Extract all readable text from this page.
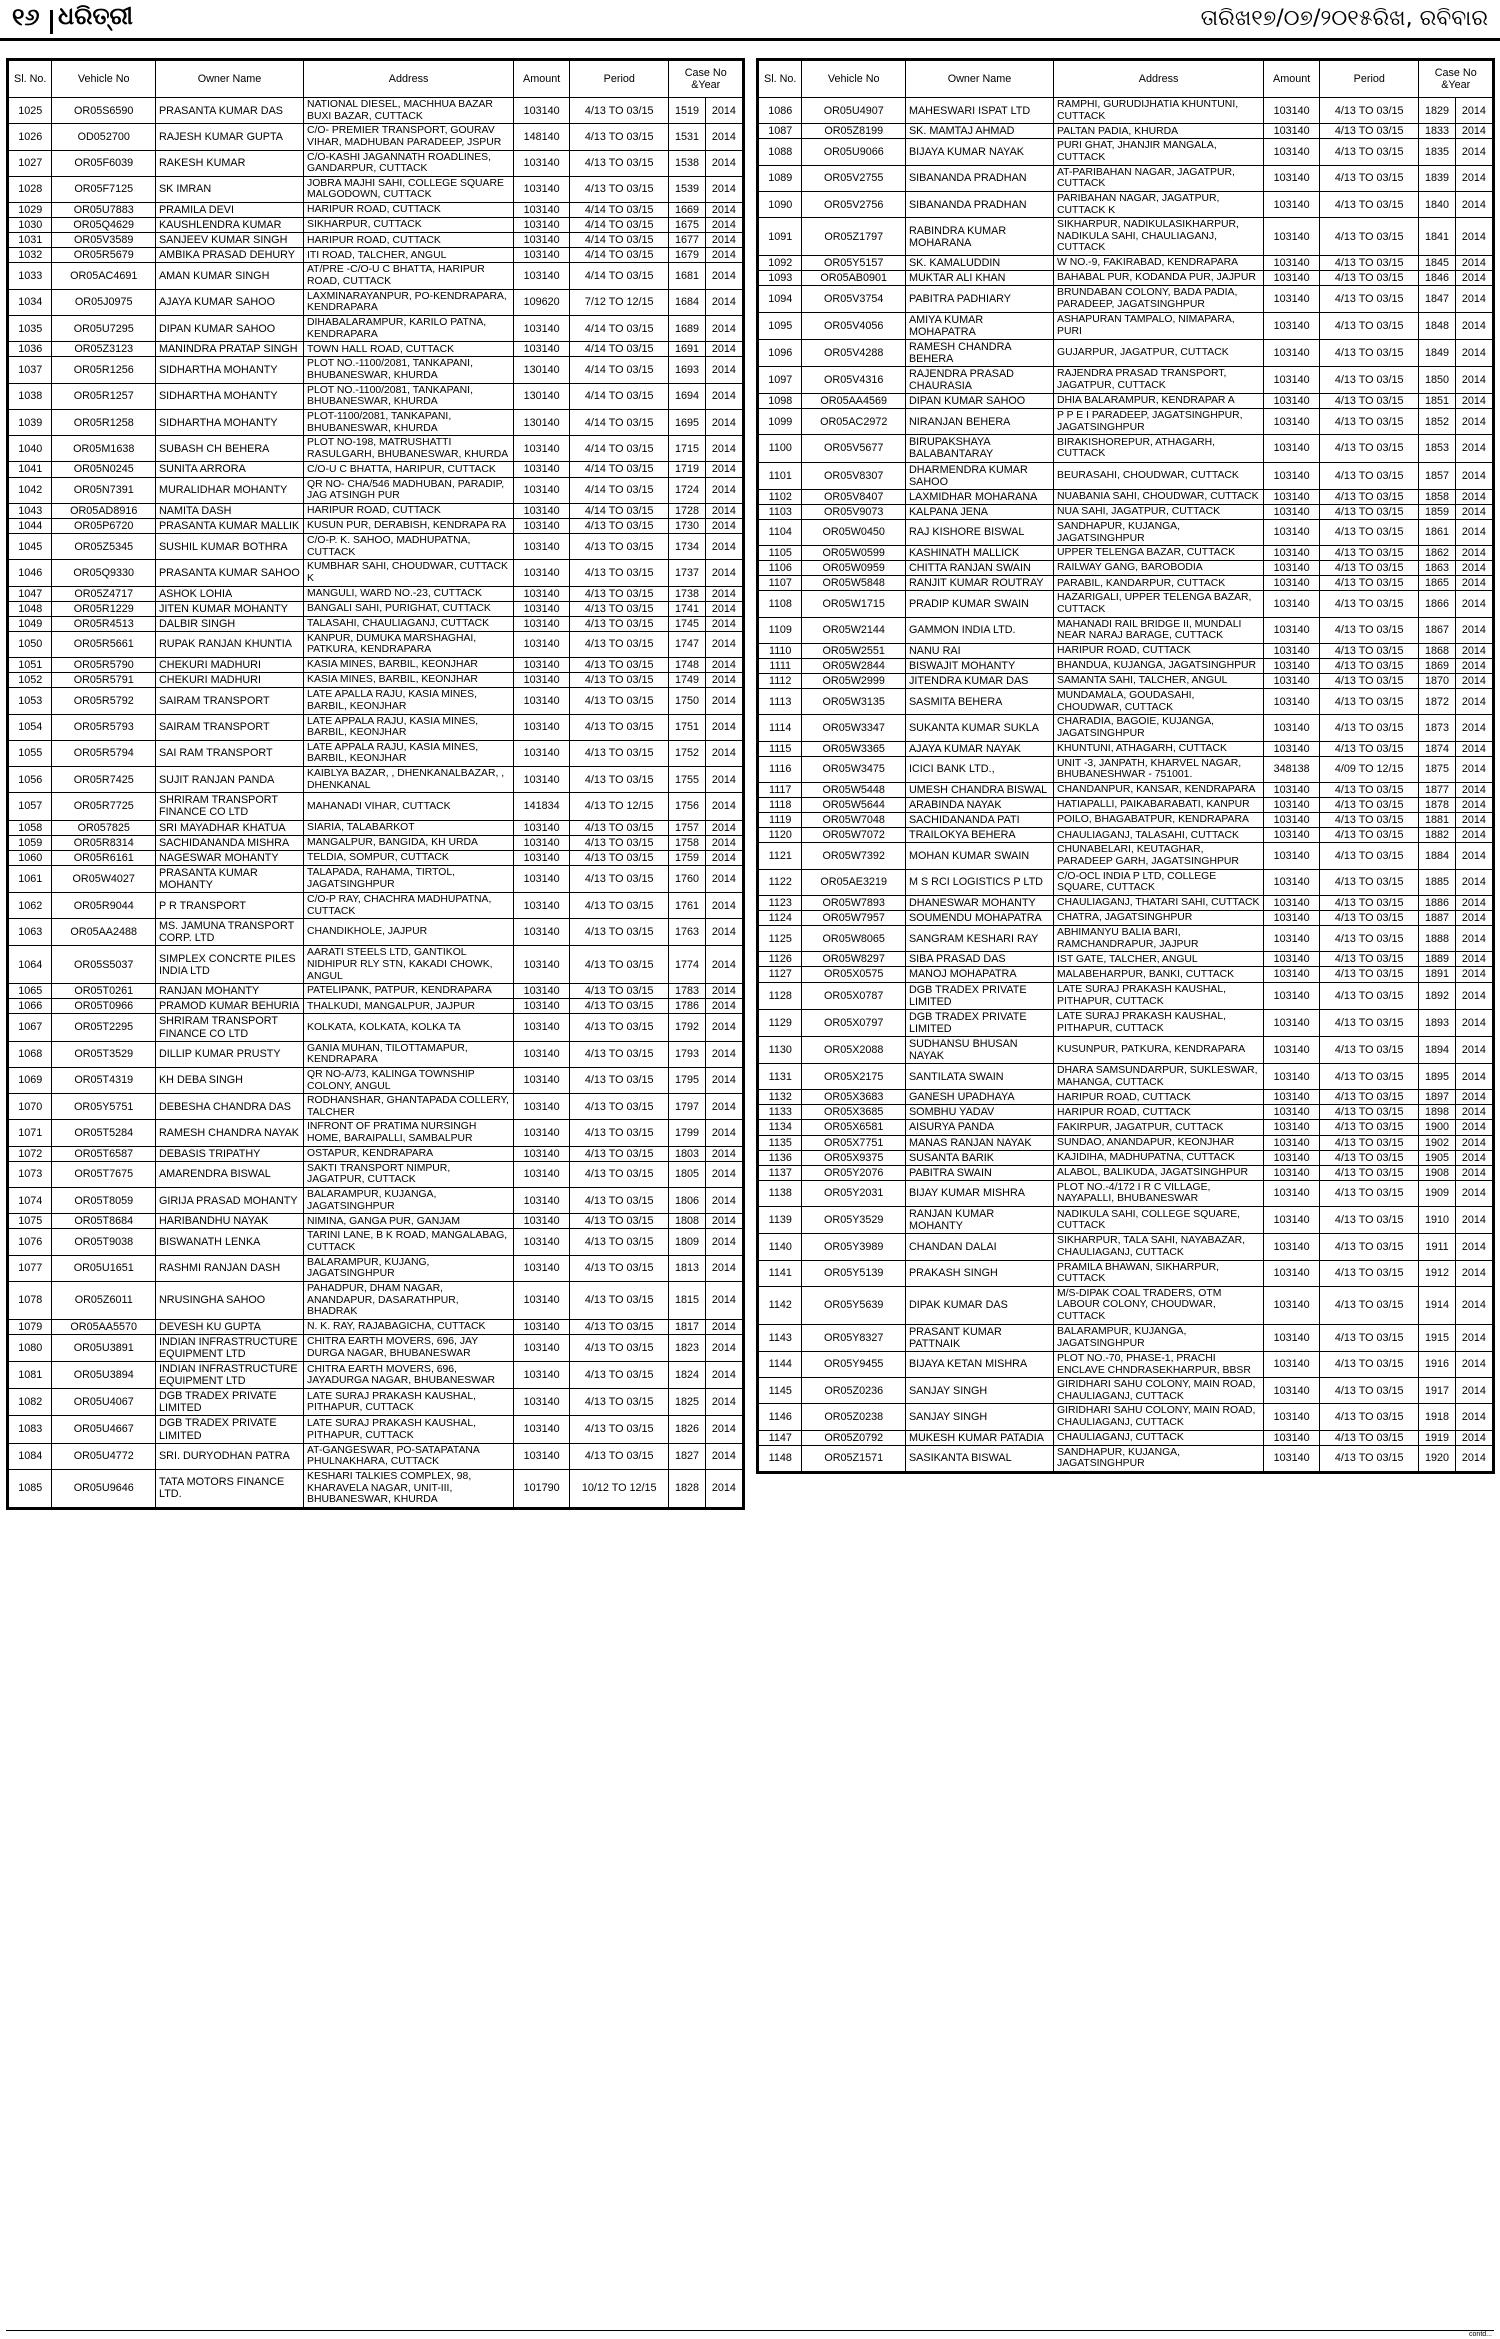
୧୬ ଧରିତ୍ରୀ	ତାରିଖ୧୭/୦୭/୨୦୧୫ରିଖ, ରବିବାର
Sl. No.	Vehicle No	Owner Name	Address	Amount	Period	Case No &Year	
1025	OR05S6590	PRASANTA KUMAR DAS	NATIONAL DIESEL, MACHHUA BAZAR BUXI BAZAR, CUTTACK	103140	4/13 TO 03/15	1519	2014
1026	OD052700	RAJESH KUMAR GUPTA	C/O- PREMIER TRANSPORT, GOURAV VIHAR, MADHUBAN PARADEEP, JSPUR	148140	4/13 TO 03/15	1531	2014
1027	OR05F6039	RAKESH KUMAR	C/O-KASHI JAGANNATH ROADLINES, GANDARPUR, CUTTACK	103140	4/13 TO 03/15	1538	2014
1028	OR05F7125	SK IMRAN	JOBRA MAJHI SAHI, COLLEGE SQUARE MALGODOWN, CUTTACK	103140	4/13 TO 03/15	1539	2014
1029	OR05U7883	PRAMILA DEVI	HARIPUR ROAD, CUTTACK	103140	4/14 TO 03/15	1669	2014
1030	OR05Q4629	KAUSHLENDRA KUMAR	SIKHARPUR, CUTTACK	103140	4/14 TO 03/15	1675	2014
1031	OR05V3589	SANJEEV KUMAR SINGH	HARIPUR ROAD, CUTTACK	103140	4/14 TO 03/15	1677	2014
1032	OR05R5679	AMBIKA PRASAD DEHURY	ITI ROAD, TALCHER, ANGUL	103140	4/14 TO 03/15	1679	2014
1033	OR05AC4691	AMAN KUMAR SINGH	AT/PRE -C/O-U C BHATTA, HARIPUR ROAD, CUTTACK	103140	4/14 TO 03/15	1681	2014
1034	OR05J0975	AJAYA KUMAR SAHOO	LAXMINARAYANPUR, PO-KENDRAPARA, KENDRAPARA	109620	7/12 TO 12/15	1684	2014
1035	OR05U7295	DIPAN KUMAR SAHOO	DIHABALARAMPUR, KARILO PATNA, KENDRAPARA	103140	4/14 TO 03/15	1689	2014
1036	OR05Z3123	MANINDRA PRATAP SINGH	TOWN HALL ROAD, CUTTACK	103140	4/14 TO 03/15	1691	2014
1037	OR05R1256	SIDHARTHA MOHANTY	PLOT NO.-1100/2081, TANKAPANI, BHUBANESWAR, KHURDA	130140	4/14 TO 03/15	1693	2014
1038	OR05R1257	SIDHARTHA MOHANTY	PLOT NO.-1100/2081, TANKAPANI, BHUBANESWAR, KHURDA	130140	4/14 TO 03/15	1694	2014
1039	OR05R1258	SIDHARTHA MOHANTY	PLOT-1100/2081, TANKAPANI, BHUBANESWAR, KHURDA	130140	4/14 TO 03/15	1695	2014
1040	OR05M1638	SUBASH CH BEHERA	PLOT NO-198, MATRUSHATTI RASULGARH, BHUBANESWAR, KHURDA	103140	4/14 TO 03/15	1715	2014
1041	OR05N0245	SUNITA ARRORA	C/O-U C BHATTA, HARIPUR, CUTTACK	103140	4/14 TO 03/15	1719	2014
1042	OR05N7391	MURALIDHAR MOHANTY	QR NO- CHA/546 MADHUBAN, PARADIP, JAG ATSINGH PUR	103140	4/14 TO 03/15	1724	2014
1043	OR05AD8916	NAMITA DASH	HARIPUR ROAD, CUTTACK	103140	4/14 TO 03/15	1728	2014
1044	OR05P6720	PRASANTA KUMAR MALLIK	KUSUN PUR, DERABISH, KENDRAPA RA	103140	4/13 TO 03/15	1730	2014
1045	OR05Z5345	SUSHIL KUMAR BOTHRA	C/O-P. K. SAHOO, MADHUPATNA, CUTTACK	103140	4/13 TO 03/15	1734	2014
1046	OR05Q9330	PRASANTA KUMAR SAHOO	KUMBHAR SAHI, CHOUDWAR, CUTTACK K	103140	4/13 TO 03/15	1737	2014
1047	OR05Z4717	ASHOK LOHIA	MANGULI, WARD NO.-23, CUTTACK	103140	4/13 TO 03/15	1738	2014
1048	OR05R1229	JITEN KUMAR MOHANTY	BANGALI SAHI, PURIGHAT, CUTTACK	103140	4/13 TO 03/15	1741	2014
1049	OR05R4513	DALBIR SINGH	TALASAHI, CHAULIAGANJ, CUTTACK	103140	4/13 TO 03/15	1745	2014
1050	OR05R5661	RUPAK RANJAN KHUNTIA	KANPUR, DUMUKA MARSHAGHAI, PATKURA, KENDRAPARA	103140	4/13 TO 03/15	1747	2014
1051	OR05R5790	CHEKURI MADHURI	KASIA MINES, BARBIL, KEONJHAR	103140	4/13 TO 03/15	1748	2014
1052	OR05R5791	CHEKURI MADHURI	KASIA MINES, BARBIL, KEONJHAR	103140	4/13 TO 03/15	1749	2014
1053	OR05R5792	SAIRAM TRANSPORT	LATE APALLA RAJU, KASIA MINES, BARBIL, KEONJHAR	103140	4/13 TO 03/15	1750	2014
1054	OR05R5793	SAIRAM TRANSPORT	LATE APPALA RAJU, KASIA MINES, BARBIL, KEONJHAR	103140	4/13 TO 03/15	1751	2014
1055	OR05R5794	SAI RAM TRANSPORT	LATE APPALA RAJU, KASIA MINES, BARBIL, KEONJHAR	103140	4/13 TO 03/15	1752	2014
1056	OR05R7425	SUJIT RANJAN PANDA	KAIBLYA BAZAR, , DHENKANALBAZAR, , DHENKANAL	103140	4/13 TO 03/15	1755	2014
1057	OR05R7725	SHRIRAM TRANSPORT FINANCE CO LTD	MAHANADI VIHAR, CUTTACK	141834	4/13 TO 12/15	1756	2014
1058	OR057825	SRI MAYADHAR KHATUA	SIARIA, TALABARKOT	103140	4/13 TO 03/15	1757	2014
1059	OR05R8314	SACHIDANANDA MISHRA	MANGALPUR, BANGIDA, KH URDA	103140	4/13 TO 03/15	1758	2014
1060	OR05R6161	NAGESWAR MOHANTY	TELDIA, SOMPUR, CUTTACK	103140	4/13 TO 03/15	1759	2014
1061	OR05W4027	PRASANTA KUMAR MOHANTY	TALAPADA, RAHAMA, TIRTOL, JAGATSINGHPUR	103140	4/13 TO 03/15	1760	2014
1062	OR05R9044	P R TRANSPORT	C/O-P RAY, CHACHRA MADHUPATNA, CUTTACK	103140	4/13 TO 03/15	1761	2014
1063	OR05AA2488	MS. JAMUNA TRANSPORT CORP. LTD	CHANDIKHOLE, JAJPUR	103140	4/13 TO 03/15	1763	2014
1064	OR05S5037	SIMPLEX CONCRTE PILES INDIA LTD	AARATI STEELS LTD, GANTIKOL NIDHIPUR RLY STN, KAKADI CHOWK, ANGUL	103140	4/13 TO 03/15	1774	2014
1065	OR05T0261	RANJAN MOHANTY	PATELIPANK, PATPUR, KENDRAPARA	103140	4/13 TO 03/15	1783	2014
1066	OR05T0966	PRAMOD KUMAR BEHURIA	THALKUDI, MANGALPUR, JAJPUR	103140	4/13 TO 03/15	1786	2014
1067	OR05T2295	SHRIRAM TRANSPORT FINANCE CO LTD	KOLKATA, KOLKATA, KOLKA TA	103140	4/13 TO 03/15	1792	2014
1068	OR05T3529	DILLIP KUMAR PRUSTY	GANIA MUHAN, TILOTTAMAPUR, KENDRAPARA	103140	4/13 TO 03/15	1793	2014
1069	OR05T4319	KH DEBA SINGH	QR NO-A/73, KALINGA TOWNSHIP COLONY, ANGUL	103140	4/13 TO 03/15	1795	2014
1070	OR05Y5751	DEBESHA CHANDRA DAS	RODHANSHAR, GHANTAPADA COLLERY, TALCHER	103140	4/13 TO 03/15	1797	2014
1071	OR05T5284	RAMESH CHANDRA NAYAK	INFRONT OF PRATIMA NURSINGH HOME, BARAIPALLI, SAMBALPUR	103140	4/13 TO 03/15	1799	2014
1072	OR05T6587	DEBASIS TRIPATHY	OSTAPUR, KENDRAPARA	103140	4/13 TO 03/15	1803	2014
1073	OR05T7675	AMARENDRA BISWAL	SAKTI TRANSPORT NIMPUR, JAGATPUR, CUTTACK	103140	4/13 TO 03/15	1805	2014
1074	OR05T8059	GIRIJA PRASAD MOHANTY	BALARAMPUR, KUJANGA, JAGATSINGHPUR	103140	4/13 TO 03/15	1806	2014
1075	OR05T8684	HARIBANDHU NAYAK	NIMINA, GANGA PUR, GANJAM	103140	4/13 TO 03/15	1808	2014
1076	OR05T9038	BISWANATH LENKA	TARINI LANE, B K ROAD, MANGALABAG, CUTTACK	103140	4/13 TO 03/15	1809	2014
1077	OR05U1651	RASHMI RANJAN DASH	BALARAMPUR, KUJANG, JAGATSINGHPUR	103140	4/13 TO 03/15	1813	2014
1078	OR05Z6011	NRUSINGHA SAHOO	PAHADPUR, DHAM NAGAR, ANANDAPUR, DASARATHPUR, BHADRAK	103140	4/13 TO 03/15	1815	2014
1079	OR05AA5570	DEVESH KU GUPTA	N. K. RAY, RAJABAGICHA, CUTTACK	103140	4/13 TO 03/15	1817	2014
1080	OR05U3891	INDIAN INFRASTRUCTURE EQUIPMENT LTD	CHITRA EARTH MOVERS, 696, JAY DURGA NAGAR, BHUBANESWAR	103140	4/13 TO 03/15	1823	2014
1081	OR05U3894	INDIAN INFRASTRUCTURE EQUIPMENT LTD	CHITRA EARTH MOVERS, 696, JAYADURGA NAGAR, BHUBANESWAR	103140	4/13 TO 03/15	1824	2014
1082	OR05U4067	DGB TRADEX PRIVATE LIMITED	LATE SURAJ PRAKASH KAUSHAL, PITHAPUR, CUTTACK	103140	4/13 TO 03/15	1825	2014
1083	OR05U4667	DGB TRADEX PRIVATE LIMITED	LATE SURAJ PRAKASH KAUSHAL, PITHAPUR, CUTTACK	103140	4/13 TO 03/15	1826	2014
1084	OR05U4772	SRI. DURYODHAN PATRA	AT-GANGESWAR, PO-SATAPATANA PHULNAKHARA, CUTTACK	103140	4/13 TO 03/15	1827	2014
1085	OR05U9646	TATA MOTORS FINANCE LTD.	KESHARI TALKIES COMPLEX, 98, KHARAVELA NAGAR, UNIT-III, BHUBANESWAR, KHURDA	101790	10/12 TO 12/15	1828	2014
Sl. No.	Vehicle No	Owner Name	Address	Amount	Period	Case No &Year	
1086	OR05U4907	MAHESWARI ISPAT LTD	RAMPHI, GURUDIJHATIA KHUNTUNI, CUTTACK	103140	4/13 TO 03/15	1829	2014
1087	OR05Z8199	SK. MAMTAJ AHMAD	PALTAN PADIA, KHURDA	103140	4/13 TO 03/15	1833	2014
1088	OR05U9066	BIJAYA KUMAR NAYAK	PURI GHAT, JHANJIR MANGALA, CUTTACK	103140	4/13 TO 03/15	1835	2014
1089	OR05V2755	SIBANANDA PRADHAN	AT-PARIBAHAN NAGAR, JAGATPUR, CUTTACK	103140	4/13 TO 03/15	1839	2014
1090	OR05V2756	SIBANANDA PRADHAN	PARIBAHAN NAGAR, JAGATPUR, CUTTACK K	103140	4/13 TO 03/15	1840	2014
1091	OR05Z1797	RABINDRA KUMAR MOHARANA	SIKHARPUR, NADIKULASIKHARPUR, NADIKULA SAHI, CHAULIAGANJ, CUTTACK	103140	4/13 TO 03/15	1841	2014
1092	OR05Y5157	SK. KAMALUDDIN	W NO.-9, FAKIRABAD, KENDRAPARA	103140	4/13 TO 03/15	1845	2014
1093	OR05AB0901	MUKTAR ALI KHAN	BAHABAL PUR, KODANDA PUR, JAJPUR	103140	4/13 TO 03/15	1846	2014
1094	OR05V3754	PABITRA PADHIARY	BRUNDABAN COLONY, BADA PADIA, PARADEEP, JAGATSINGHPUR	103140	4/13 TO 03/15	1847	2014
1095	OR05V4056	AMIYA KUMAR MOHAPATRA	ASHAPURAN TAMPALO, NIMAPARA, PURI	103140	4/13 TO 03/15	1848	2014
1096	OR05V4288	RAMESH CHANDRA BEHERA	GUJARPUR, JAGATPUR, CUTTACK	103140	4/13 TO 03/15	1849	2014
1097	OR05V4316	RAJENDRA PRASAD CHAURASIA	RAJENDRA PRASAD TRANSPORT, JAGATPUR, CUTTACK	103140	4/13 TO 03/15	1850	2014
1098	OR05AA4569	DIPAN KUMAR SAHOO	DHIA BALARAMPUR, KENDRAPAR A	103140	4/13 TO 03/15	1851	2014
1099	OR05AC2972	NIRANJAN BEHERA	P P E I PARADEEP, JAGATSINGHPUR, JAGATSINGHPUR	103140	4/13 TO 03/15	1852	2014
1100	OR05V5677	BIRUPAKSHAYA BALABANTARAY	BIRAKISHOREPUR, ATHAGARH, CUTTACK	103140	4/13 TO 03/15	1853	2014
1101	OR05V8307	DHARMENDRA KUMAR SAHOO	BEURASAHI, CHOUDWAR, CUTTACK	103140	4/13 TO 03/15	1857	2014
1102	OR05V8407	LAXMIDHAR MOHARANA	NUABANIA SAHI, CHOUDWAR, CUTTACK	103140	4/13 TO 03/15	1858	2014
1103	OR05V9073	KALPANA JENA	NUA SAHI, JAGATPUR, CUTTACK	103140	4/13 TO 03/15	1859	2014
1104	OR05W0450	RAJ KISHORE BISWAL	SANDHAPUR, KUJANGA, JAGATSINGHPUR	103140	4/13 TO 03/15	1861	2014
1105	OR05W0599	KASHINATH MALLICK	UPPER TELENGA BAZAR, CUTTACK	103140	4/13 TO 03/15	1862	2014
1106	OR05W0959	CHITTA RANJAN SWAIN	RAILWAY GANG, BAROBODIA	103140	4/13 TO 03/15	1863	2014
1107	OR05W5848	RANJIT KUMAR ROUTRAY	PARABIL, KANDARPUR, CUTTACK	103140	4/13 TO 03/15	1865	2014
1108	OR05W1715	PRADIP KUMAR SWAIN	HAZARIGALI, UPPER TELENGA BAZAR, CUTTACK	103140	4/13 TO 03/15	1866	2014
1109	OR05W2144	GAMMON INDIA LTD.	MAHANADI RAIL BRIDGE II, MUNDALI NEAR NARAJ BARAGE, CUTTACK	103140	4/13 TO 03/15	1867	2014
1110	OR05W2551	NANU RAI	HARIPUR ROAD, CUTTACK	103140	4/13 TO 03/15	1868	2014
1111	OR05W2844	BISWAJIT MOHANTY	BHANDUA, KUJANGA, JAGATSINGHPUR	103140	4/13 TO 03/15	1869	2014
1112	OR05W2999	JITENDRA KUMAR DAS	SAMANTA SAHI, TALCHER, ANGUL	103140	4/13 TO 03/15	1870	2014
1113	OR05W3135	SASMITA BEHERA	MUNDAMALA, GOUDASAHI, CHOUDWAR, CUTTACK	103140	4/13 TO 03/15	1872	2014
1114	OR05W3347	SUKANTA KUMAR SUKLA	CHARADIA, BAGOIE, KUJANGA, JAGATSINGHPUR	103140	4/13 TO 03/15	1873	2014
1115	OR05W3365	AJAYA KUMAR NAYAK	KHUNTUNI, ATHAGARH, CUTTACK	103140	4/13 TO 03/15	1874	2014
1116	OR05W3475	ICICI BANK LTD.,	UNIT -3, JANPATH, KHARVEL NAGAR, BHUBANESHWAR - 751001.	348138	4/09 TO 12/15	1875	2014
1117	OR05W5448	UMESH CHANDRA BISWAL	CHANDANPUR, KANSAR, KENDRAPARA	103140	4/13 TO 03/15	1877	2014
1118	OR05W5644	ARABINDA NAYAK	HATIAPALLI, PAIKABARABATI, KANPUR	103140	4/13 TO 03/15	1878	2014
1119	OR05W7048	SACHIDANANDA PATI	POILO, BHAGABATPUR, KENDRAPARA	103140	4/13 TO 03/15	1881	2014
1120	OR05W7072	TRAILOKYA BEHERA	CHAULIAGANJ, TALASAHI, CUTTACK	103140	4/13 TO 03/15	1882	2014
1121	OR05W7392	MOHAN KUMAR SWAIN	CHUNABELARI, KEUTAGHAR, PARADEEP GARH, JAGATSINGHPUR	103140	4/13 TO 03/15	1884	2014
1122	OR05AE3219	M S RCI LOGISTICS P LTD	C/O-OCL INDIA P LTD, COLLEGE SQUARE, CUTTACK	103140	4/13 TO 03/15	1885	2014
1123	OR05W7893	DHANESWAR MOHANTY	CHAULIAGANJ, THATARI SAHI, CUTTACK	103140	4/13 TO 03/15	1886	2014
1124	OR05W7957	SOUMENDU MOHAPATRA	CHATRA, JAGATSINGHPUR	103140	4/13 TO 03/15	1887	2014
1125	OR05W8065	SANGRAM KESHARI RAY	ABHIMANYU BALIA BARI, RAMCHANDRAPUR, JAJPUR	103140	4/13 TO 03/15	1888	2014
1126	OR05W8297	SIBA PRASAD DAS	IST GATE, TALCHER, ANGUL	103140	4/13 TO 03/15	1889	2014
1127	OR05X0575	MANOJ MOHAPATRA	MALABEHARPUR, BANKI, CUTTACK	103140	4/13 TO 03/15	1891	2014
1128	OR05X0787	DGB TRADEX PRIVATE LIMITED	LATE SURAJ PRAKASH KAUSHAL, PITHAPUR, CUTTACK	103140	4/13 TO 03/15	1892	2014
1129	OR05X0797	DGB TRADEX PRIVATE LIMITED	LATE SURAJ PRAKASH KAUSHAL, PITHAPUR, CUTTACK	103140	4/13 TO 03/15	1893	2014
1130	OR05X2088	SUDHANSU BHUSAN NAYAK	KUSUNPUR, PATKURA, KENDRAPARA	103140	4/13 TO 03/15	1894	2014
1131	OR05X2175	SANTILATA SWAIN	DHARA SAMSUNDARPUR, SUKLESWAR, MAHANGA, CUTTACK	103140	4/13 TO 03/15	1895	2014
1132	OR05X3683	GANESH UPADHAYA	HARIPUR ROAD, CUTTACK	103140	4/13 TO 03/15	1897	2014
1133	OR05X3685	SOMBHU YADAV	HARIPUR ROAD, CUTTACK	103140	4/13 TO 03/15	1898	2014
1134	OR05X6581	AISURYA PANDA	FAKIRPUR, JAGATPUR, CUTTACK	103140	4/13 TO 03/15	1900	2014
1135	OR05X7751	MANAS RANJAN NAYAK	SUNDAO, ANANDAPUR, KEONJHAR	103140	4/13 TO 03/15	1902	2014
1136	OR05X9375	SUSANTA BARIK	KAJIDIHA, MADHUPATNA, CUTTACK	103140	4/13 TO 03/15	1905	2014
1137	OR05Y2076	PABITRA SWAIN	ALABOL, BALIKUDA, JAGATSINGHPUR	103140	4/13 TO 03/15	1908	2014
1138	OR05Y2031	BIJAY KUMAR MISHRA	PLOT NO.-4/172 I R C VILLAGE, NAYAPALLI, BHUBANESWAR	103140	4/13 TO 03/15	1909	2014
1139	OR05Y3529	RANJAN KUMAR MOHANTY	NADIKULA SAHI, COLLEGE SQUARE, CUTTACK	103140	4/13 TO 03/15	1910	2014
1140	OR05Y3989	CHANDAN DALAI	SIKHARPUR, TALA SAHI, NAYABAZAR, CHAULIAGANJ, CUTTACK	103140	4/13 TO 03/15	1911	2014
1141	OR05Y5139	PRAKASH SINGH	PRAMILA BHAWAN, SIKHARPUR, CUTTACK	103140	4/13 TO 03/15	1912	2014
1142	OR05Y5639	DIPAK KUMAR DAS	M/S-DIPAK COAL TRADERS, OTM LABOUR COLONY, CHOUDWAR, CUTTACK	103140	4/13 TO 03/15	1914	2014
1143	OR05Y8327	PRASANT KUMAR PATTNAIK	BALARAMPUR, KUJANGA, JAGATSINGHPUR	103140	4/13 TO 03/15	1915	2014
1144	OR05Y9455	BIJAYA KETAN MISHRA	PLOT NO.-70, PHASE-1, PRACHI ENCLAVE CHNDRASEKHARPUR, BBSR	103140	4/13 TO 03/15	1916	2014
1145	OR05Z0236	SANJAY SINGH	GIRIDHARI SAHU COLONY, MAIN ROAD, CHAULIAGANJ, CUTTACK	103140	4/13 TO 03/15	1917	2014
1146	OR05Z0238	SANJAY SINGH	GIRIDHARI SAHU COLONY, MAIN ROAD, CHAULIAGANJ, CUTTACK	103140	4/13 TO 03/15	1918	2014
1147	OR05Z0792	MUKESH KUMAR PATADIA	CHAULIAGANJ, CUTTACK	103140	4/13 TO 03/15	1919	2014
1148	OR05Z1571	SASIKANTA BISWAL	SANDHAPUR, KUJANGA, JAGATSINGHPUR	103140	4/13 TO 03/15	1920	2014
contd...
